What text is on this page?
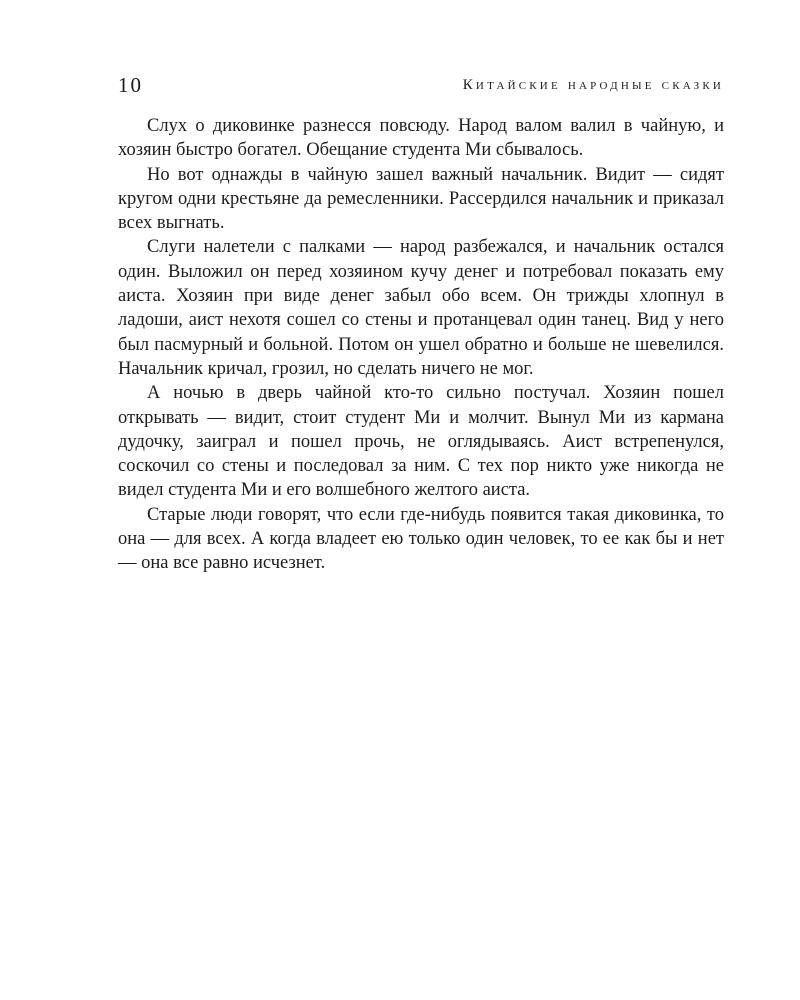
10	Китайские народные сказки

Слух о диковинке разнесся повсюду. Народ валом валил в чайную, и хозяин быстро богател. Обещание студента Ми сбывалось.

Но вот однажды в чайную зашел важный начальник. Видит — сидят кругом одни крестьяне да ремесленники. Рассердился начальник и приказал всех выгнать.

Слуги налетели с палками — народ разбежался, и начальник остался один. Выложил он перед хозяином кучу денег и потребовал показать ему аиста. Хозяин при виде денег забыл обо всем. Он трижды хлопнул в ладоши, аист нехотя сошел со стены и протанцевал один танец. Вид у него был пасмурный и больной. Потом он ушел обратно и больше не шевелился. Начальник кричал, грозил, но сделать ничего не мог.

А ночью в дверь чайной кто-то сильно постучал. Хозяин пошел открывать — видит, стоит студент Ми и молчит. Вынул Ми из кармана дудочку, заиграл и пошел прочь, не оглядываясь. Аист встрепенулся, соскочил со стены и последовал за ним. С тех пор никто уже никогда не видел студента Ми и его волшебного желтого аиста.

Старые люди говорят, что если где-нибудь появится такая диковинка, то она — для всех. А когда владеет ею только один человек, то ее как бы и нет — она все равно исчезнет.
